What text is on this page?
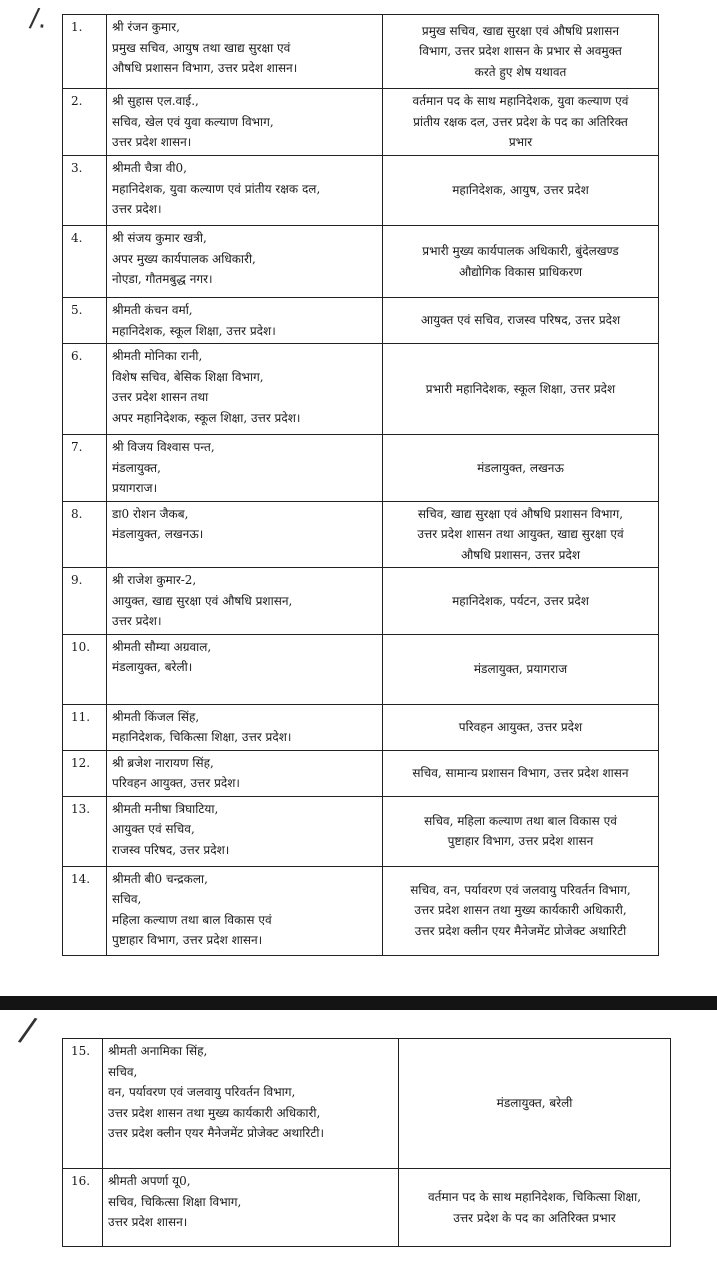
/.
/
1.	श्री रंजन कुमार,
प्रमुख सचिव, आयुष तथा खाद्य सुरक्षा एवं
औषधि प्रशासन विभाग, उत्तर प्रदेश शासन।	प्रमुख सचिव, खाद्य सुरक्षा एवं औषधि प्रशासन
विभाग, उत्तर प्रदेश शासन के प्रभार से अवमुक्त
करते हुए शेष यथावत

2.	श्री सुहास एल.वाई.,
सचिव, खेल एवं युवा कल्याण विभाग,
उत्तर प्रदेश शासन।	वर्तमान पद के साथ महानिदेशक, युवा कल्याण एवं
प्रांतीय रक्षक दल, उत्तर प्रदेश के पद का अतिरिक्त
प्रभार

3.	श्रीमती चैत्रा वी0,
महानिदेशक, युवा कल्याण एवं प्रांतीय रक्षक दल,
उत्तर प्रदेश।	महानिदेशक, आयुष, उत्तर प्रदेश

4.	श्री संजय कुमार खत्री,
अपर मुख्य कार्यपालक अधिकारी,
नोएडा, गौतमबुद्ध नगर।	प्रभारी मुख्य कार्यपालक अधिकारी, बुंदेलखण्ड
औद्योगिक विकास प्राधिकरण

5.	श्रीमती कंचन वर्मा,
महानिदेशक, स्कूल शिक्षा, उत्तर प्रदेश।	आयुक्त एवं सचिव, राजस्व परिषद, उत्तर प्रदेश

6.	श्रीमती मोनिका रानी,
विशेष सचिव, बेसिक शिक्षा विभाग,
उत्तर प्रदेश शासन तथा
अपर महानिदेशक, स्कूल शिक्षा, उत्तर प्रदेश।	प्रभारी महानिदेशक, स्कूल शिक्षा, उत्तर प्रदेश

7.	श्री विजय विश्वास पन्त,
मंडलायुक्त,
प्रयागराज।	मंडलायुक्त, लखनऊ

8.	डा0 रोशन जैकब,
मंडलायुक्त, लखनऊ।	सचिव, खाद्य सुरक्षा एवं औषधि प्रशासन विभाग,
उत्तर प्रदेश शासन तथा आयुक्त, खाद्य सुरक्षा एवं
औषधि प्रशासन, उत्तर प्रदेश

9.	श्री राजेश कुमार-2,
आयुक्त, खाद्य सुरक्षा एवं औषधि प्रशासन,
उत्तर प्रदेश।	महानिदेशक, पर्यटन, उत्तर प्रदेश

10.	श्रीमती सौम्या अग्रवाल,
मंडलायुक्त, बरेली।	मंडलायुक्त, प्रयागराज

11.	श्रीमती किंजल सिंह,
महानिदेशक, चिकित्सा शिक्षा, उत्तर प्रदेश।	परिवहन आयुक्त, उत्तर प्रदेश

12.	श्री ब्रजेश नारायण सिंह,
परिवहन आयुक्त, उत्तर प्रदेश।	सचिव, सामान्य प्रशासन विभाग, उत्तर प्रदेश शासन

13.	श्रीमती मनीषा त्रिघाटिया,
आयुक्त एवं सचिव,
राजस्व परिषद, उत्तर प्रदेश।	सचिव, महिला कल्याण तथा बाल विकास एवं
पुष्टाहार विभाग, उत्तर प्रदेश शासन

14.	श्रीमती बी0 चन्द्रकला,
सचिव,
महिला कल्याण तथा बाल विकास एवं
पुष्टाहार विभाग, उत्तर प्रदेश शासन।	सचिव, वन, पर्यावरण एवं जलवायु परिवर्तन विभाग,
उत्तर प्रदेश शासन तथा मुख्य कार्यकारी अधिकारी,
उत्तर प्रदेश क्लीन एयर मैनेजमेंट प्रोजेक्ट अथारिटी
15.	श्रीमती अनामिका सिंह,
सचिव,
वन, पर्यावरण एवं जलवायु परिवर्तन विभाग,
उत्तर प्रदेश शासन तथा मुख्य कार्यकारी अधिकारी,
उत्तर प्रदेश क्लीन एयर मैनेजमेंट प्रोजेक्ट अथारिटी।	मंडलायुक्त, बरेली

16.	श्रीमती अपर्णा यू0,
सचिव, चिकित्सा शिक्षा विभाग,
उत्तर प्रदेश शासन।	वर्तमान पद के साथ महानिदेशक, चिकित्सा शिक्षा,
उत्तर प्रदेश के पद का अतिरिक्त प्रभार
